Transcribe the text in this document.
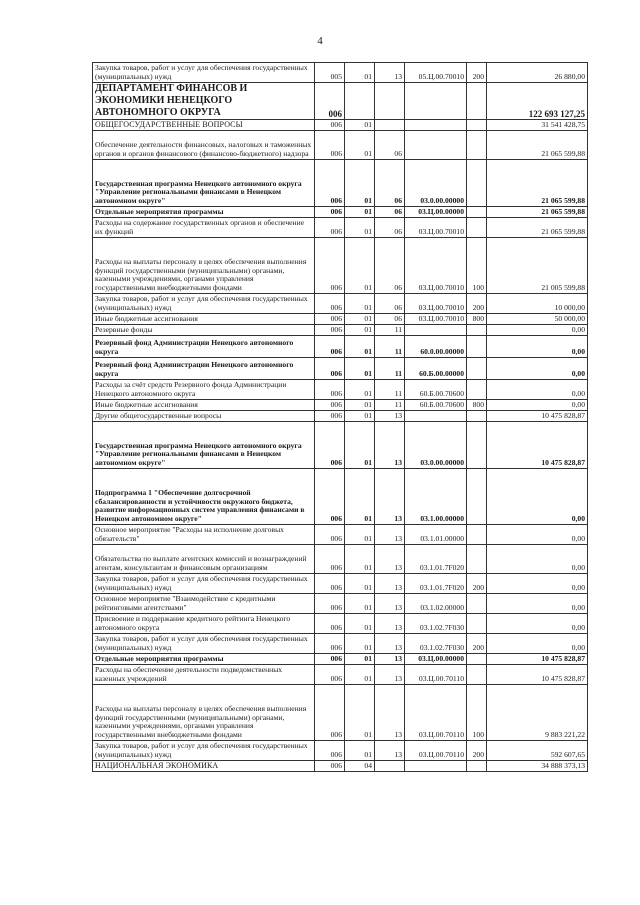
4
Закупка товаров, работ и услуг для обеспечения государственных (муниципальных) нужд	005	01	13	05.Ц.00.70010	200	26 880,00
ДЕПАРТАМЕНТ ФИНАНСОВ И ЭКОНОМИКИ НЕНЕЦКОГО АВТОНОМНОГО ОКРУГА	006					122 693 127,25
ОБЩЕГОСУДАРСТВЕННЫЕ ВОПРОСЫ	006	01				31 541 428,75
Обеспечение деятельности финансовых, налоговых и таможенных органов и органов финансового (финансово-бюджетного) надзора	006	01	06			21 065 599,88
Государственная программа Ненецкого автономного округа "Управление региональными финансами в Ненецком автономном округе"	006	01	06	03.0.00.00000		21 065 599,88
Отдельные мероприятия программы	006	01	06	03.Ц.00.00000		21 065 599,88
Расходы на содержание государственных органов и обеспечение их функций	006	01	06	03.Ц.00.70010		21 065 599,88
Расходы на выплаты персоналу в целях обеспечения выполнения функций государственными (муниципальными) органами, казенными учреждениями, органами управления государственными внебюджетными фондами	006	01	06	03.Ц.00.70010	100	21 005 599,88
Закупка товаров, работ и услуг для обеспечения государственных (муниципальных) нужд	006	01	06	03.Ц.00.70010	200	10 000,00
Иные бюджетные ассигнования	006	01	06	03.Ц.00.70010	800	50 000,00
Резервные фонды	006	01	11			0,00
Резервный фонд Администрации Ненецкого автономного округа	006	01	11	60.0.00.00000		0,00
Резервный фонд Администрации Ненецкого автономного округа	006	01	11	60.Б.00.00000		0,00
Расходы за счёт средств Резервного фонда Администрации Ненецкого автономного округа	006	01	11	60.Б.00.70600		0,00
Иные бюджетные ассигнования	006	01	11	60.Б.00.70600	800	0,00
Другие общегосударственные вопросы	006	01	13			10 475 828,87
Государственная программа Ненецкого автономного округа "Управление региональными финансами в Ненецком автономном округе"	006	01	13	03.0.00.00000		10 475 828,87
Подпрограмма 1 "Обеспечение долгосрочной сбалансированности и устойчивости окружного бюджета, развитие информационных систем управления финансами в Ненецком автономном округе"	006	01	13	03.1.00.00000		0,00
Основное мероприятие "Расходы на исполнение долговых обязательств"	006	01	13	03.1.01.00000		0,00
Обязательства по выплате агентских комиссий и вознаграждений агентам, консультантам и финансовым организациям	006	01	13	03.1.01.7F020		0,00
Закупка товаров, работ и услуг для обеспечения государственных (муниципальных) нужд	006	01	13	03.1.01.7F020	200	0,00
Основное мероприятие "Взаимодействие с кредитными рейтинговыми агентствами"	006	01	13	03.1.02.00000		0,00
Присвоение и поддержание кредитного рейтинга Ненецкого автономного округа	006	01	13	03.1.02.7F030		0,00
Закупка товаров, работ и услуг для обеспечения государственных (муниципальных) нужд	006	01	13	03.1.02.7F030	200	0,00
Отдельные мероприятия программы	006	01	13	03.Ц.00.00000		10 475 828,87
Расходы на обеспечение деятельности подведомственных казенных учреждений	006	01	13	03.Ц.00.70110		10 475 828,87
Расходы на выплаты персоналу в целях обеспечения выполнения функций государственными (муниципальными) органами, казенными учреждениями, органами управления государственными внебюджетными фондами	006	01	13	03.Ц.00.70110	100	9 883 221,22
Закупка товаров, работ и услуг для обеспечения государственных (муниципальных) нужд	006	01	13	03.Ц.00.70110	200	592 607,65
НАЦИОНАЛЬНАЯ ЭКОНОМИКА	006	04				34 888 373,13
